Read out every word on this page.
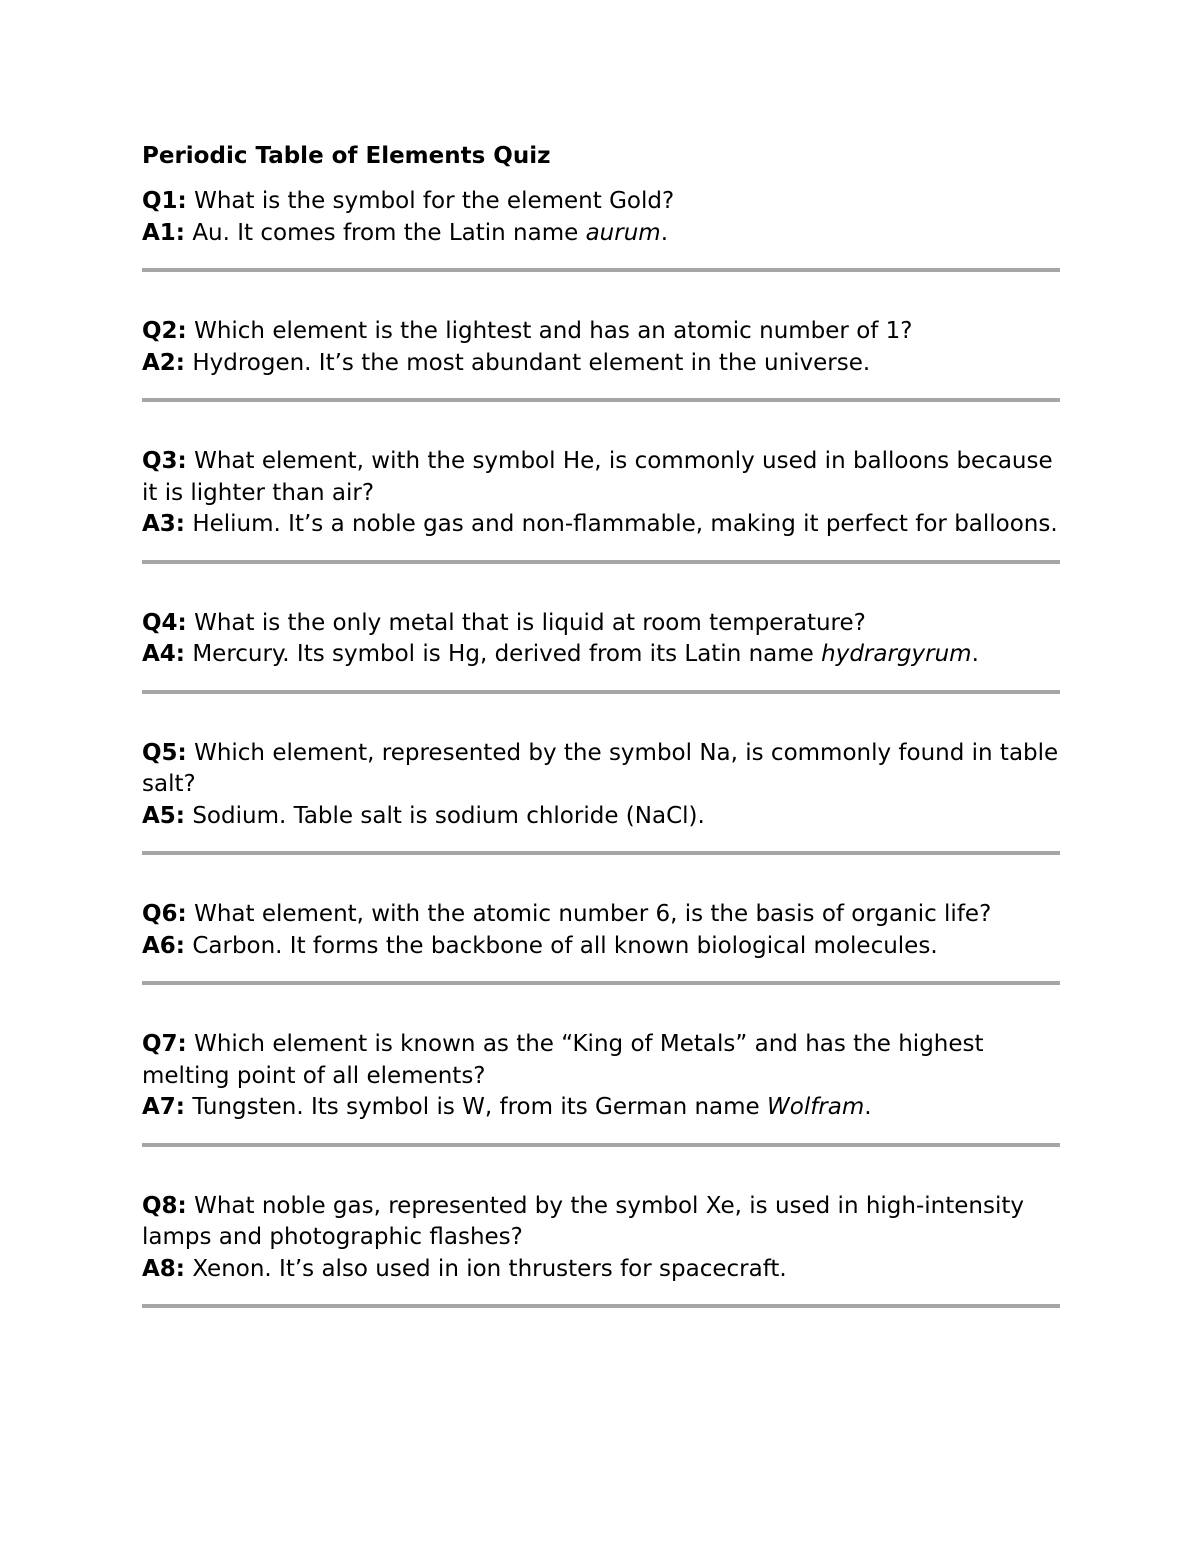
Periodic Table of Elements Quiz

Q1: What is the symbol for the element Gold?

A1: Au. It comes from the Latin name aurum.

Q2: Which element is the lightest and has an atomic number of 1?

A2: Hydrogen. It’s the most abundant element in the universe.

Q3: What element, with the symbol He, is commonly used in balloons because it is lighter than air?

A3: Helium. It’s a noble gas and non-flammable, making it perfect for balloons.

Q4: What is the only metal that is liquid at room temperature?

A4: Mercury. Its symbol is Hg, derived from its Latin name hydrargyrum.

Q5: Which element, represented by the symbol Na, is commonly found in table salt?

A5: Sodium. Table salt is sodium chloride (NaCl).

Q6: What element, with the atomic number 6, is the basis of organic life?

A6: Carbon. It forms the backbone of all known biological molecules.

Q7: Which element is known as the “King of Metals” and has the highest melting point of all elements?

A7: Tungsten. Its symbol is W, from its German name Wolfram.

Q8: What noble gas, represented by the symbol Xe, is used in high-intensity lamps and photographic flashes?

A8: Xenon. It’s also used in ion thrusters for spacecraft.
